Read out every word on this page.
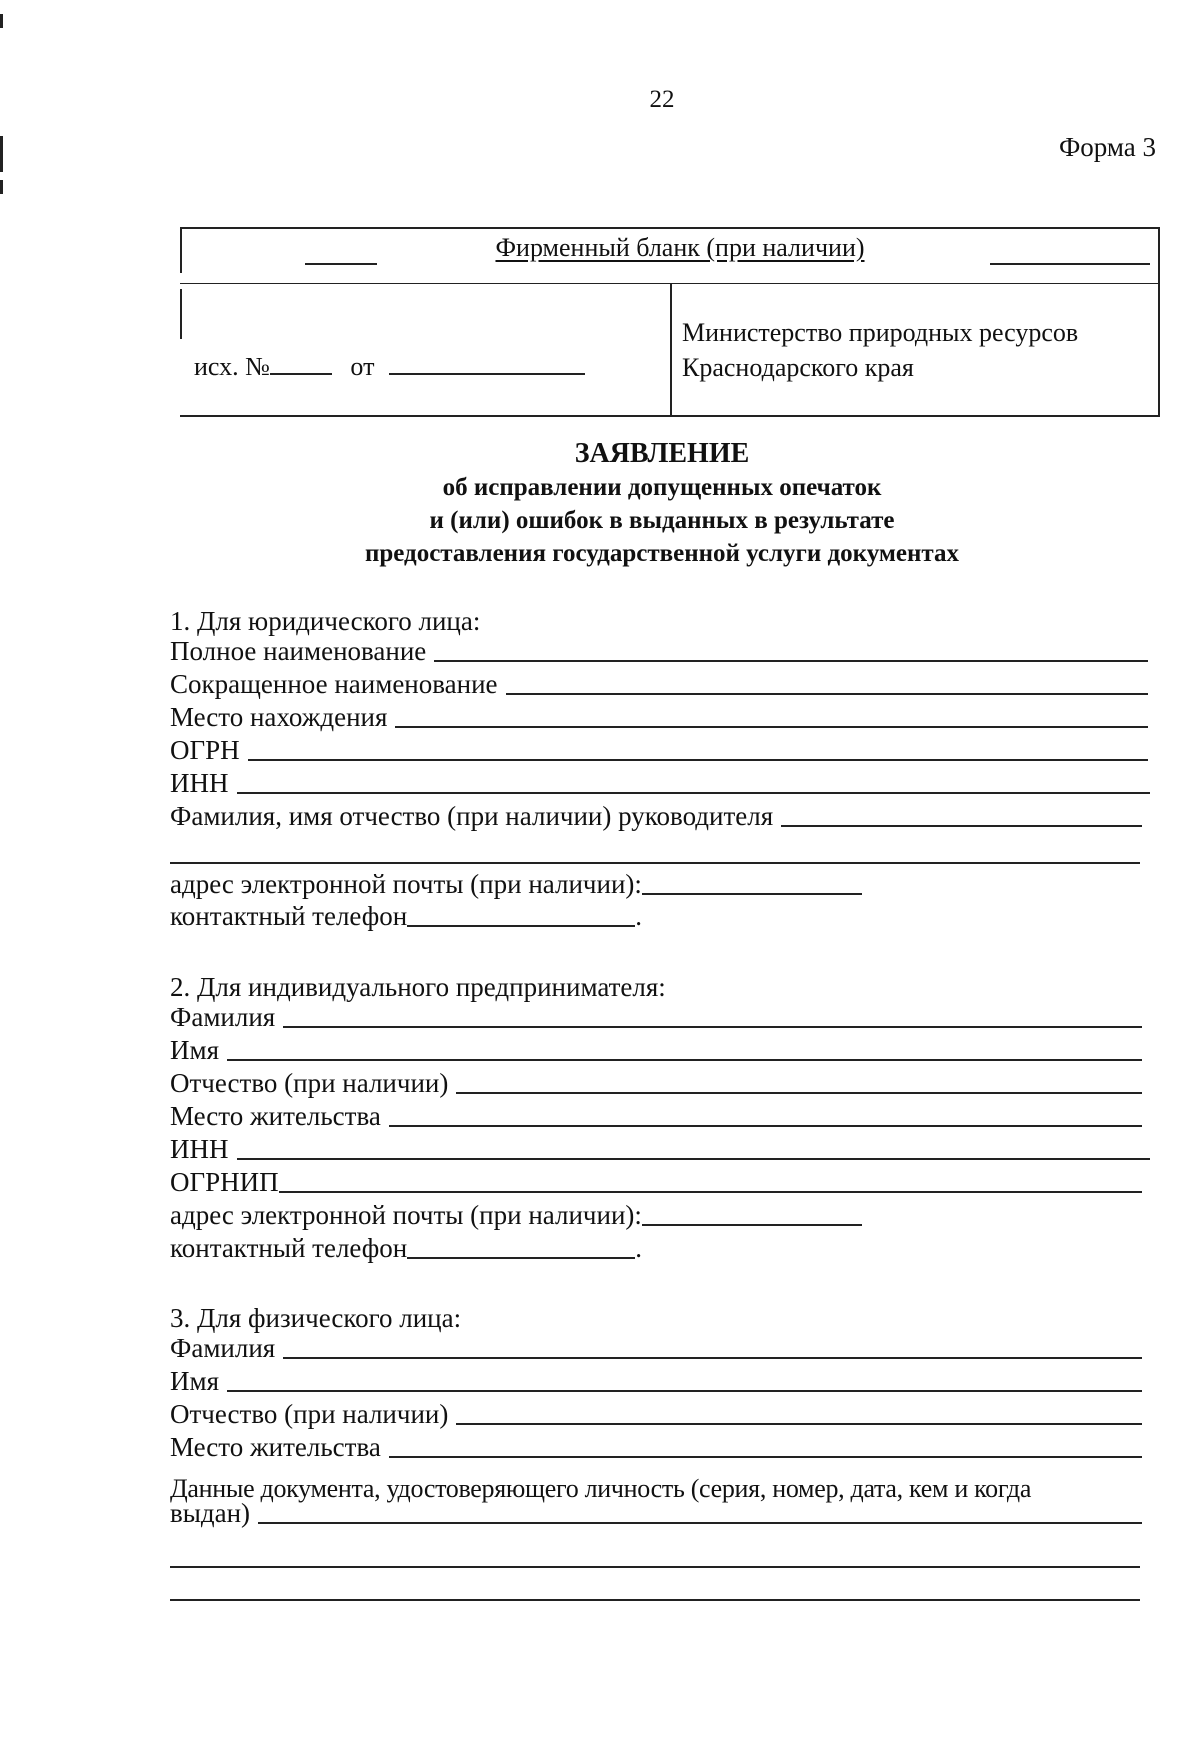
22
Форма 3
Фирменный бланк (при наличии)
исх. №	от
Министерство природных ресурсов
Краснодарского края
ЗАЯВЛЕНИЕ
об исправлении допущенных опечаток
и (или) ошибок в выданных в результате
предоставления государственной услуги документах
1. Для юридического лица:
Полное наименование
Сокращенное наименование
Место нахождения
ОГРН
ИНН
Фамилия, имя отчество (при наличии) руководителя
адрес электронной почты (при наличии):
контактный телефон	.
2. Для индивидуального предпринимателя:
Фамилия
Имя
Отчество (при наличии)
Место жительства
ИНН
ОГРНИП
адрес электронной почты (при наличии):
контактный телефон	.
3. Для физического лица:
Фамилия
Имя
Отчество (при наличии)
Место жительства
Данные документа, удостоверяющего личность (серия, номер, дата, кем и когда
выдан)
